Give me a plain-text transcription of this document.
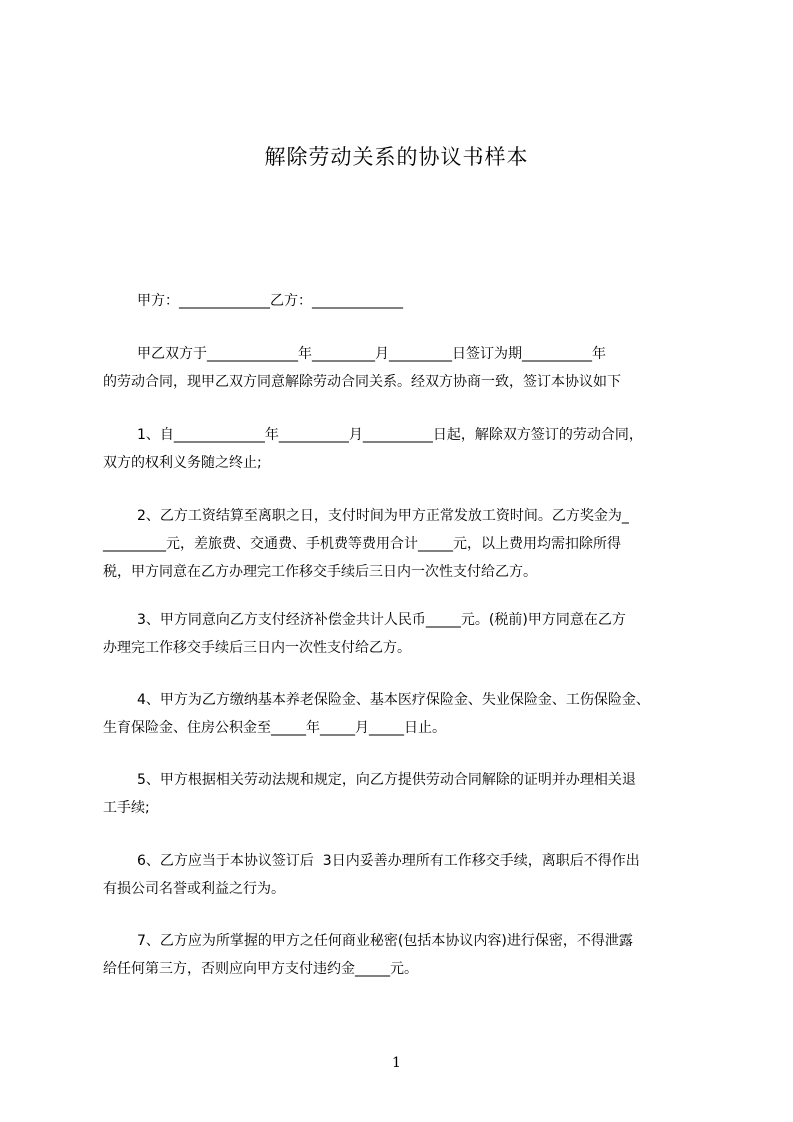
解除劳动关系的协议书样本
甲方：_____________乙方：_____________
甲乙双方于_____________年_________月_________日签订为期__________年
的劳动合同，现甲乙双方同意解除劳动合同关系。经双方协商一致，签订本协议如下
1、自_____________年__________月__________日起，解除双方签订的劳动合同，
双方的权利义务随之终止;
2、乙方工资结算至离职之日，支付时间为甲方正常发放工资时间。乙方奖金为_
_________元，差旅费、交通费、手机费等费用合计_____元，以上费用均需扣除所得
税，甲方同意在乙方办理完工作移交手续后三日内一次性支付给乙方。
3、甲方同意向乙方支付经济补偿金共计人民币_____元。(税前)甲方同意在乙方
办理完工作移交手续后三日内一次性支付给乙方。
4、甲方为乙方缴纳基本养老保险金、基本医疗保险金、失业保险金、工伤保险金、
生育保险金、住房公积金至_____年_____月_____日止。
5、甲方根据相关劳动法规和规定，向乙方提供劳动合同解除的证明并办理相关退
工手续;
6、乙方应当于本协议签订后  3日内妥善办理所有工作移交手续，离职后不得作出
有损公司名誉或利益之行为。
7、乙方应为所掌握的甲方之任何商业秘密(包括本协议内容)进行保密，不得泄露
给任何第三方，否则应向甲方支付违约金_____元。
1
